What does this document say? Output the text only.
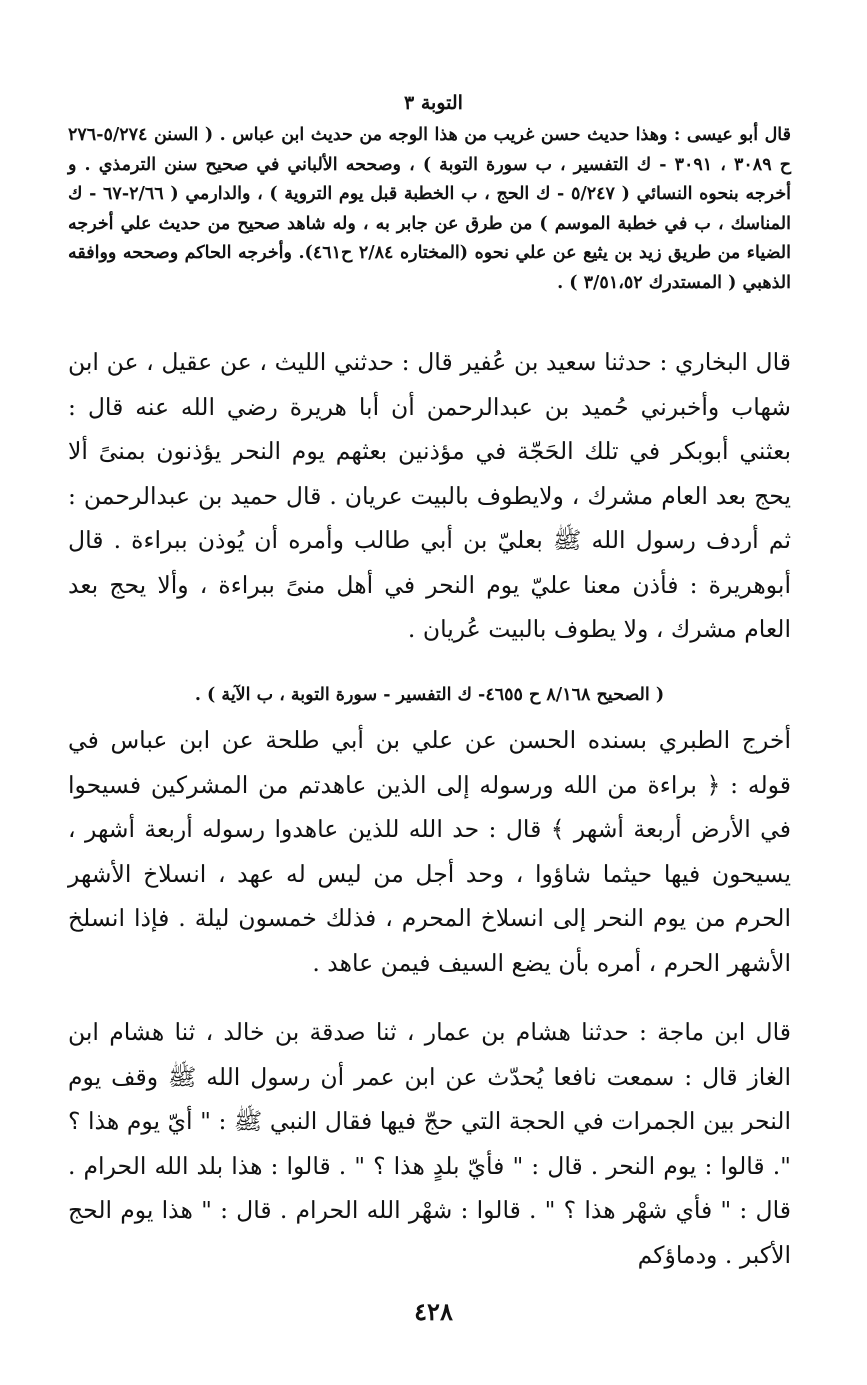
التوبة ٣

قال أبو عيسى : وهذا حديث حسن غريب من هذا الوجه من حديث ابن عباس . ( السنن ٥/٢٧٤-٢٧٦ ح ٣٠٨٩ ، ٣٠٩١ - ك التفسير ، ب سورة التوبة ) ، وصححه الألباني في صحيح سنن الترمذي . و أخرجه بنحوه النسائي ( ٥/٢٤٧ - ك الحج ، ب الخطبة قبل يوم التروية ) ، والدارمي ( ٢/٦٦-٦٧ - ك المناسك ، ب في خطبة الموسم ) من طرق عن جابر به ، وله شاهد صحيح من حديث علي أخرجه الضياء من طريق زيد بن يثيع عن علي نحوه (المختاره ٢/٨٤ ح٤٦١). وأخرجه الحاكم وصححه ووافقه الذهبي ( المستدرك ٣/٥١،٥٢ ) .

قال البخاري : حدثنا سعيد بن عُفير قال : حدثني الليث ، عن عقيل ، عن ابن شهاب وأخبرني حُميد بن عبدالرحمن أن أبا هريرة رضي الله عنه قال : بعثني أبوبكر في تلك الحَجّة في مؤذنين بعثهم يوم النحر يؤذنون بمنىً ألا يحج بعد العام مشرك ، ولايطوف بالبيت عريان . قال حميد بن عبدالرحمن : ثم أردف رسول الله ﷺ بعليّ بن أبي طالب وأمره أن يُوذن ببراءة . قال أبوهريرة : فأذن معنا عليّ يوم النحر في أهل منىً ببراءة ، وألا يحج بعد العام مشرك ، ولا يطوف بالبيت عُريان .

( الصحيح ٨/١٦٨ ح ٤٦٥٥- ك التفسير - سورة التوبة ، ب الآية ) .

أخرج الطبري بسنده الحسن عن علي بن أبي طلحة عن ابن عباس في قوله : ﴿ براءة من الله ورسوله إلى الذين عاهدتم من المشركين فسيحوا في الأرض أربعة أشهر ﴾ قال : حد الله للذين عاهدوا رسوله أربعة أشهر ، يسيحون فيها حيثما شاؤوا ، وحد أجل من ليس له عهد ، انسلاخ الأشهر الحرم من يوم النحر إلى انسلاخ المحرم ، فذلك خمسون ليلة . فإذا انسلخ الأشهر الحرم ، أمره بأن يضع السيف فيمن عاهد .

قال ابن ماجة : حدثنا هشام بن عمار ، ثنا صدقة بن خالد ، ثنا هشام ابن الغاز قال : سمعت نافعا يُحدّث عن ابن عمر أن رسول الله ﷺ وقف يوم النحر بين الجمرات في الحجة التي حجّ فيها فقال النبي ﷺ : " أيّ يوم هذا ؟ ". قالوا : يوم النحر . قال : " فأيّ بلدٍ هذا ؟ " . قالوا : هذا بلد الله الحرام . قال : " فأي شهْر هذا ؟ " . قالوا : شهْر الله الحرام . قال : " هذا يوم الحج الأكبر . ودماؤكم

٤٢٨
